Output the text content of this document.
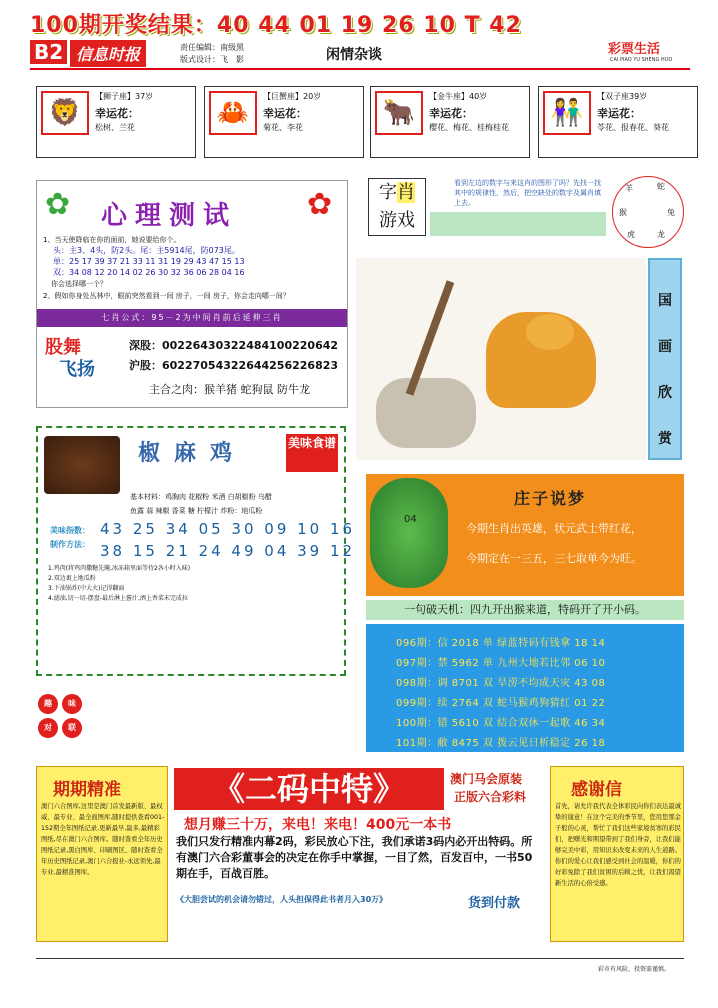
100期开奖结果：40 44 01 19 26 10 T 42
B2 信息时报	责任编辑：南级黑
版式设计：飞　影	闲情杂谈	彩票生活
CAI PIAO YU SHENG HUO
🦁
【狮子座】37岁
幸运花：
松树、兰花	🦀
【巨蟹座】20岁
幸运花：
菊花、李花	🐂
【金牛座】40岁
幸运花：
樱花、梅花、桂梅桂花	👫
【双子座39岁
幸运花：
苓花、报春花、葵花
✿ 心理测试 ✿
1、当天使降临在你的面前，她说要给你个。
头：主3、4头，防2头。尾：主5914尾，防073尾。
单：25 17 39 37 21 33 11 31 19 29 43 47 15 13
双：34 08 12 20 14 02 26 30 32 36 06 28 04 16
你会选择哪一个？
2、假如你身处丛林中，眼前突然看到一间 房子，一间 房子，你会走向哪一间？
七肖公式：95－2为中间肖前后延伸三肖
股舞
飞扬
深股：00226430322484100220642
沪股：60227054322644256226823
主合之肉：猴羊猪 蛇狗鼠 防牛龙
椒麻鸡	美味食谱
基本材料：鸡胸肉 花椒粉 米酒 白胡椒粉 乌醋
鱼露 蒜 辣椒 香菜 糖 柠檬汁 炸粉：地瓜粉
美味指数：
制作方法：
43 25 34 05 30 09 10 16
38 15 21 24 49 04 39 12
1.鸡肉(将鸡肉撒糖先腌,冰冻箱里面等待2各小时入味)
2.双边裹上地瓜粉
3.下油锅炸(中大火)记得翻面
4.滤油,切一切-摆盘-最后淋上酱汁,洒上香菜末完成拉
趣 味
对 联
字肖
游戏
看到左边的数字与来这肖的图形了吗？先找一找其中的规律性，然后，把空缺处的数字及属肖填上去。
羊	蛇
猴	兔
虎	龙
国
画
欣
赏
04
庄子说梦
今期生肖出英雄，状元武士带红花，
今期定在一三五，三七取单今为旺。
一句破天机：四九开出猴来道，特码开了开小码。
096期：信 2018 单 绿蓝特码有钱拿 18 14
097期：禁 5962 单 九州大地若比邻 06 10
098期：调 8701 双 旱涝不均成天灾 43 08
099期：续 2764 双 蛇马猴鸡狗猜红 01 22
100期：错 5610 双 结合双休一起歌 46 34
101期：敝 8475 双 拨云见日析稳定 26 18
期期精准
澳门六合图库,这里是澳门首发最新版、最权威、最专业、最全面图库,随时提供查看001-152期全年图纸记录,更新最早,最多,最精彩图纸,尽在澳门六合图库。随时查看全年历史图纸记录,黑白图库、印刷图区、随时查看全年历史图纸记录,澳门六合报社-永远领先,最专业,最精准图库。
《二码中特》	澳门马会原装
正版六合彩料
想月赚三十万，来电！来电！400元一本书
我们只发行精准内幕2码，彩民放心下注，我们承诺3码内必开出特码。所有澳门六合彩董事会的决定在你手中掌握，一目了然，百发百中，一书50期在手，百战百胜。
《大胆尝试的机会请勿错过，人头担保得此书者月入30万》	货到付款
感谢信
首先，请允许我代表全体彩民向你们表达最诚挚的谢意！在这个完美的季节里，您用您那金子般的心灵，帮忙了我们这些家境贫寒的彩民们，把曙光和期望带到了我们身旁，让我们能够完美中彩，用知识来改变未来的人生道路。你们的爱心让我们感受到社会的温暖，你们的好彩免除了我们贫困的后顾之忧，让我们渴望新生活的心倍受感。
彩市有风险，投资需谨慎。
